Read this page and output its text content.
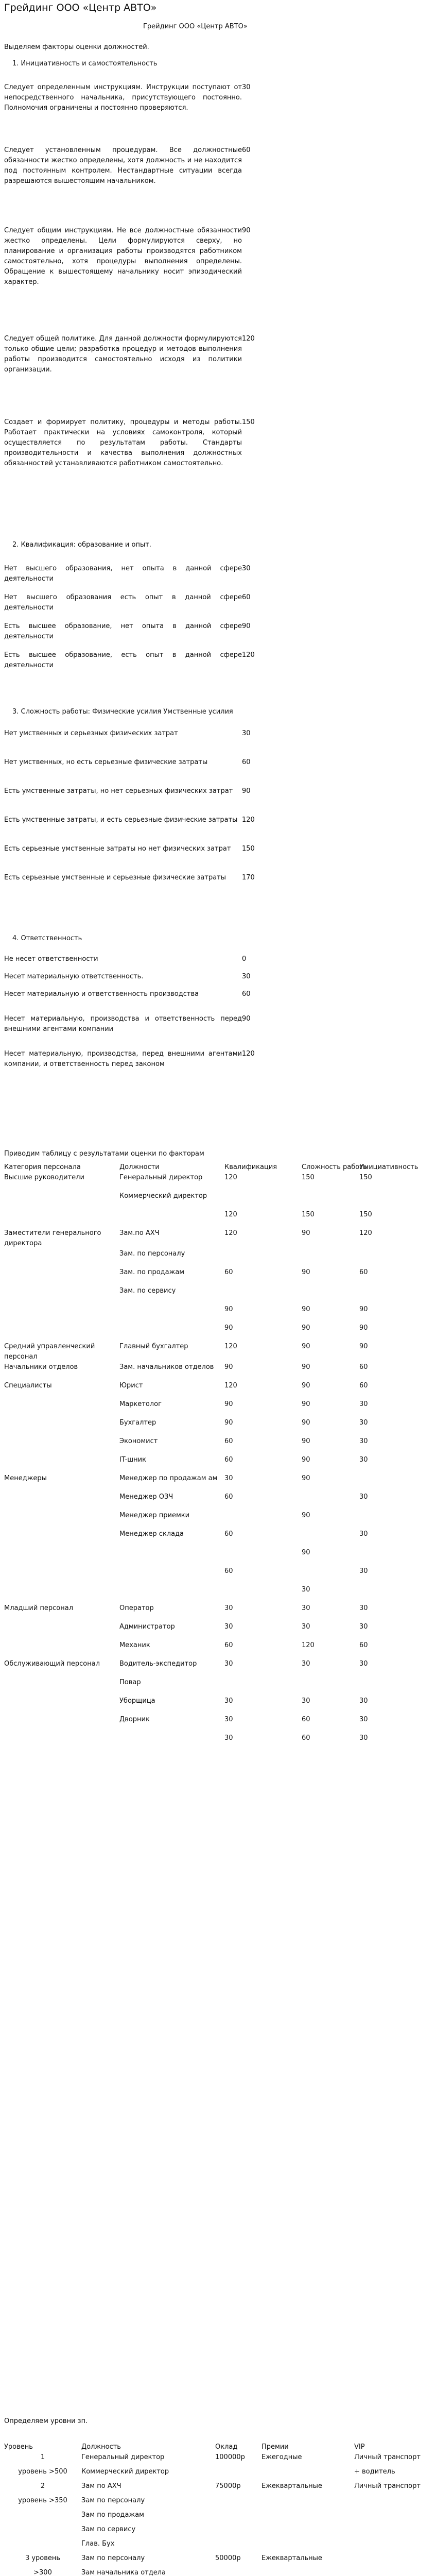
Грейдинг ООО «Центр АВТО»
Грейдинг ООО «Центр АВТО»
Выделяем факторы оценки должностей.
1. Инициативность и самостоятельность
Следует определенным инструкциям. Инструкции поступают от непосредственного начальника, присутствующего постоянно. Полномочия ограничены и постоянно проверяются.
30
Следует установленным процедурам. Все должностные обязанности жестко определены, хотя должность и не находится под постоянным контролем. Нестандартные ситуации всегда разрешаются вышестоящим начальником.
60
Следует общим инструкциям. Не все должностные обязанности жестко определены. Цели формулируются сверху, но планирование и организация работы производятся работником самостоятельно, хотя процедуры выполнения определены. Обращение к вышестоящему начальнику носит эпизодический характер.
90
Следует общей политике. Для данной должности формулируются только общие цели; разработка процедур и методов выполнения работы производится самостоятельно исходя из политики организации.
120
Создает и формирует политику, процедуры и методы работы. Работает практически на условиях самоконтроля, который осуществляется по результатам работы. Стандарты производительности и качества выполнения должностных обязанностей устанавливаются работником самостоятельно.
150
2. Квалификация: образование и опыт.
Нет высшего образования, нет опыта в данной сфере деятельности
30
Нет высшего образования есть опыт в данной сфере деятельности
60
Есть высшее образование, нет опыта в данной сфере деятельности
90
Есть высшее образование, есть опыт в данной сфере деятельности
120
3. Сложность работы: Физические усилия Умственные усилия
Нет умственных и серьезных физических затрат	30
Нет умственных, но есть серьезные физические затраты	60
Есть умственные затраты, но нет серьезных физических затрат	90
Есть умственные затраты, и есть серьезные физические затраты 120
Есть серьезные умственные затраты но нет физических затрат	150
Есть серьезные умственные и серьезные физические затраты	170
4. Ответственность
Не несет ответственности	0
Несет материальную ответственность.	30
Несет материальную и ответственность производства	60
Несет материальную, производства и ответственность перед внешними агентами компании
90
Несет материальную, производства, перед внешними агентами компании, и ответственность перед законом
120
Приводим таблицу с результатами оценки по факторам
Категория персонала	Должности	Квалификация	Сложность работы	Инициативность
Высшие руководители	Генеральный директор	120	150	150
	Коммерческий директор			
		120	150	150
Заместители генерального директора	Зам.по АХЧ	120	90	120
	Зам. по персоналу			
	Зам. по продажам	60	90	60
	Зам. по сервису			
		90	90	90
		90	90	90
Средний управленческий персонал	Главный бухгалтер	120	90	90
Начальники отделов	Зам. начальников отделов	90	90	60
Специалисты	Юрист	120	90	60
	Маркетолог	90	90	30
	Бухгалтер	90	90	30
	Экономист	60	90	30
	IT-шник	60	90	30
Менеджеры	Менеджер по продажам ам	30	90	
	Менеджер ОЗЧ	60		30
	Менеджер приемки		90	
	Менеджер склада	60		30
			90	
		60		30
			30	
Младший персонал	Оператор	30	30	30
	Администратор	30	30	30
	Механик	60	120	60
Обслуживающий персонал	Водитель-экспедитор	30	30	30
	Повар			
	Уборщица	30	30	30
	Дворник	30	60	30
		30	60	30
Определяем уровни зп.
Уровень	Должность	Оклад	Премии	VIP
1	Генеральный директор	100000р	Ежегодные	Личный транспорт
уровень >500	Коммерческий директор			+ водитель
2	Зам по АХЧ	75000р	Ежеквартальные	Личный транспорт
уровень >350	Зам по персоналу			
	Зам по продажам			
	Зам по сервису			
	Глав. Бух			
3 уровень	Зам по персоналу	50000р	Ежеквартальные	
>300	Зам начальника отдела			
